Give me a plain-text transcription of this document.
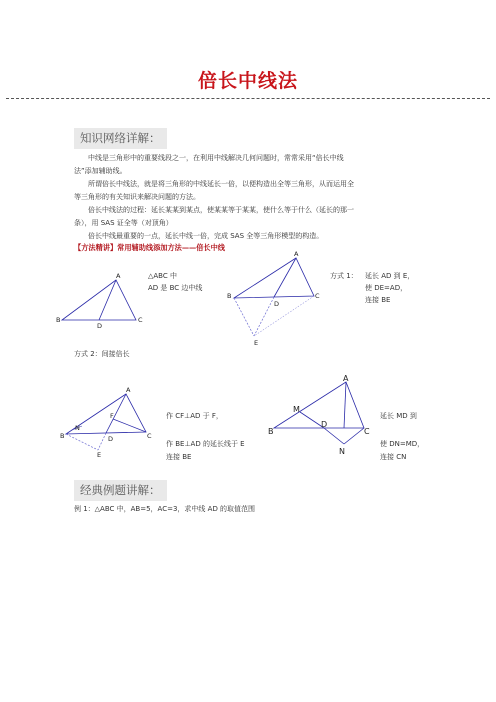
倍长中线法
知识网络详解：
中线是三角形中的重要线段之一，在利用中线解决几何问题时，常常采用“倍长中线
法”添加辅助线。
所谓倍长中线法，就是将三角形的中线延长一倍，以便构造出全等三角形，从而运用全
等三角形的有关知识来解决问题的方法。
倍长中线法的过程：延长某某到某点，使某某等于某某，使什么等于什么（延长的那一
条），用 SAS 证全等（对顶角）
倍长中线最重要的一点，延长中线一倍，完成 SAS 全等三角形模型的构造。
【方法精讲】常用辅助线添加方法——倍长中线
A
B	C
D
△ABC 中
AD 是 BC 边中线
A
B	C
D
E
方式 1： 延长 AD 到 E，
使 DE=AD，
连接 BE
方式 2：间接倍长
A
B	C
D
E
F
N
作 CF⊥AD 于 F，
作 BE⊥AD 的延长线于 E
连接 BE
A
B	C
D
M
N
延长 MD 到
使 DN=MD，
连接 CN
经典例题讲解：
例 1：△ABC 中，AB=5，AC=3，求中线 AD 的取值范围
